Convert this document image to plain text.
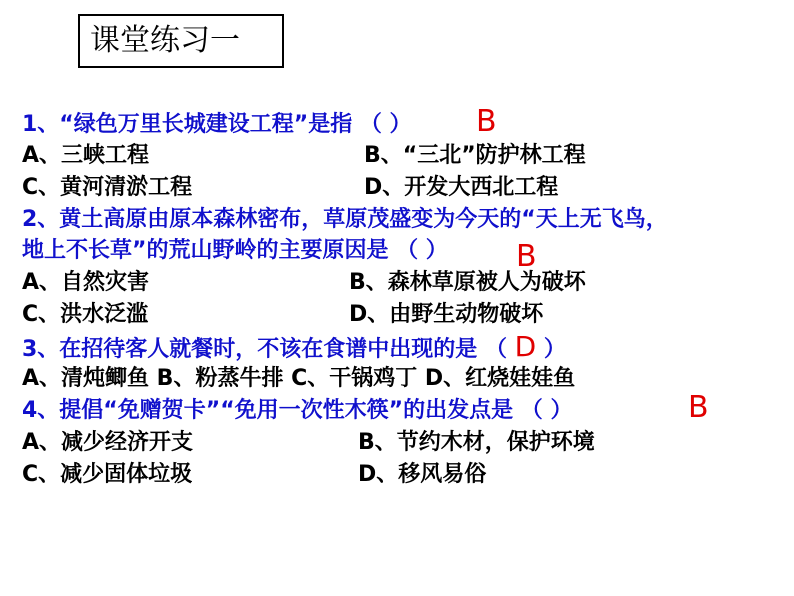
课堂练习一
1、“绿色万里长城建设工程”是指 （ ） B
A、三峡工程	B、“三北”防护林工程
C、黄河清淤工程	D、开发大西北工程
2、黄土高原由原本森林密布，草原茂盛变为今天的“天上无飞鸟，
地上不长草”的荒山野岭的主要原因是 （ ） B
A、自然灾害	B、森林草原被人为破坏
C、洪水泛滥	D、由野生动物破坏
3、在招待客人就餐时，不该在食谱中出现的是 （ D ）
A、清炖鲫鱼 B、粉蒸牛排 C、干锅鸡丁 D、红烧娃娃鱼
4、提倡“免赠贺卡”“免用一次性木筷”的出发点是 （ ）	B
A、减少经济开支	B、节约木材，保护环境
C、减少固体垃圾	D、移风易俗
